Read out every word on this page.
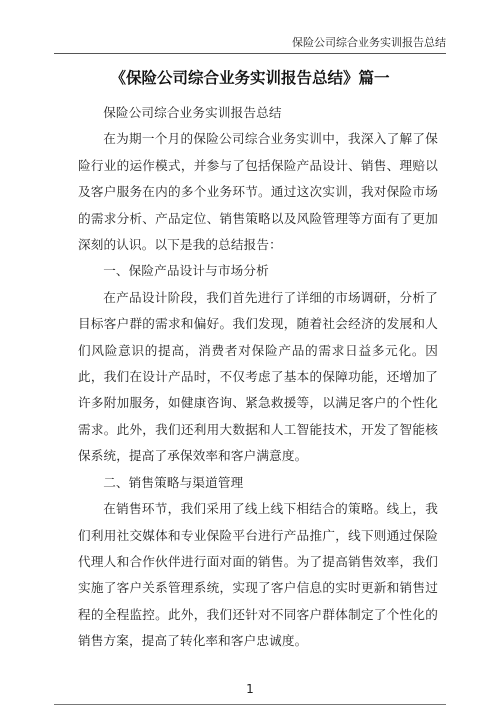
保险公司综合业务实训报告总结
《保险公司综合业务实训报告总结》篇一

保险公司综合业务实训报告总结

在为期一个月的保险公司综合业务实训中，我深入了解了保险行业的运作模式，并参与了包括保险产品设计、销售、理赔以及客户服务在内的多个业务环节。通过这次实训，我对保险市场的需求分析、产品定位、销售策略以及风险管理等方面有了更加深刻的认识。以下是我的总结报告：

一、保险产品设计与市场分析

在产品设计阶段，我们首先进行了详细的市场调研，分析了目标客户群的需求和偏好。我们发现，随着社会经济的发展和人们风险意识的提高，消费者对保险产品的需求日益多元化。因此，我们在设计产品时，不仅考虑了基本的保障功能，还增加了许多附加服务，如健康咨询、紧急救援等，以满足客户的个性化需求。此外，我们还利用大数据和人工智能技术，开发了智能核保系统，提高了承保效率和客户满意度。

二、销售策略与渠道管理

在销售环节，我们采用了线上线下相结合的策略。线上，我们利用社交媒体和专业保险平台进行产品推广，线下则通过保险代理人和合作伙伴进行面对面的销售。为了提高销售效率，我们实施了客户关系管理系统，实现了客户信息的实时更新和销售过程的全程监控。此外，我们还针对不同客户群体制定了个性化的销售方案，提高了转化率和客户忠诚度。

1
